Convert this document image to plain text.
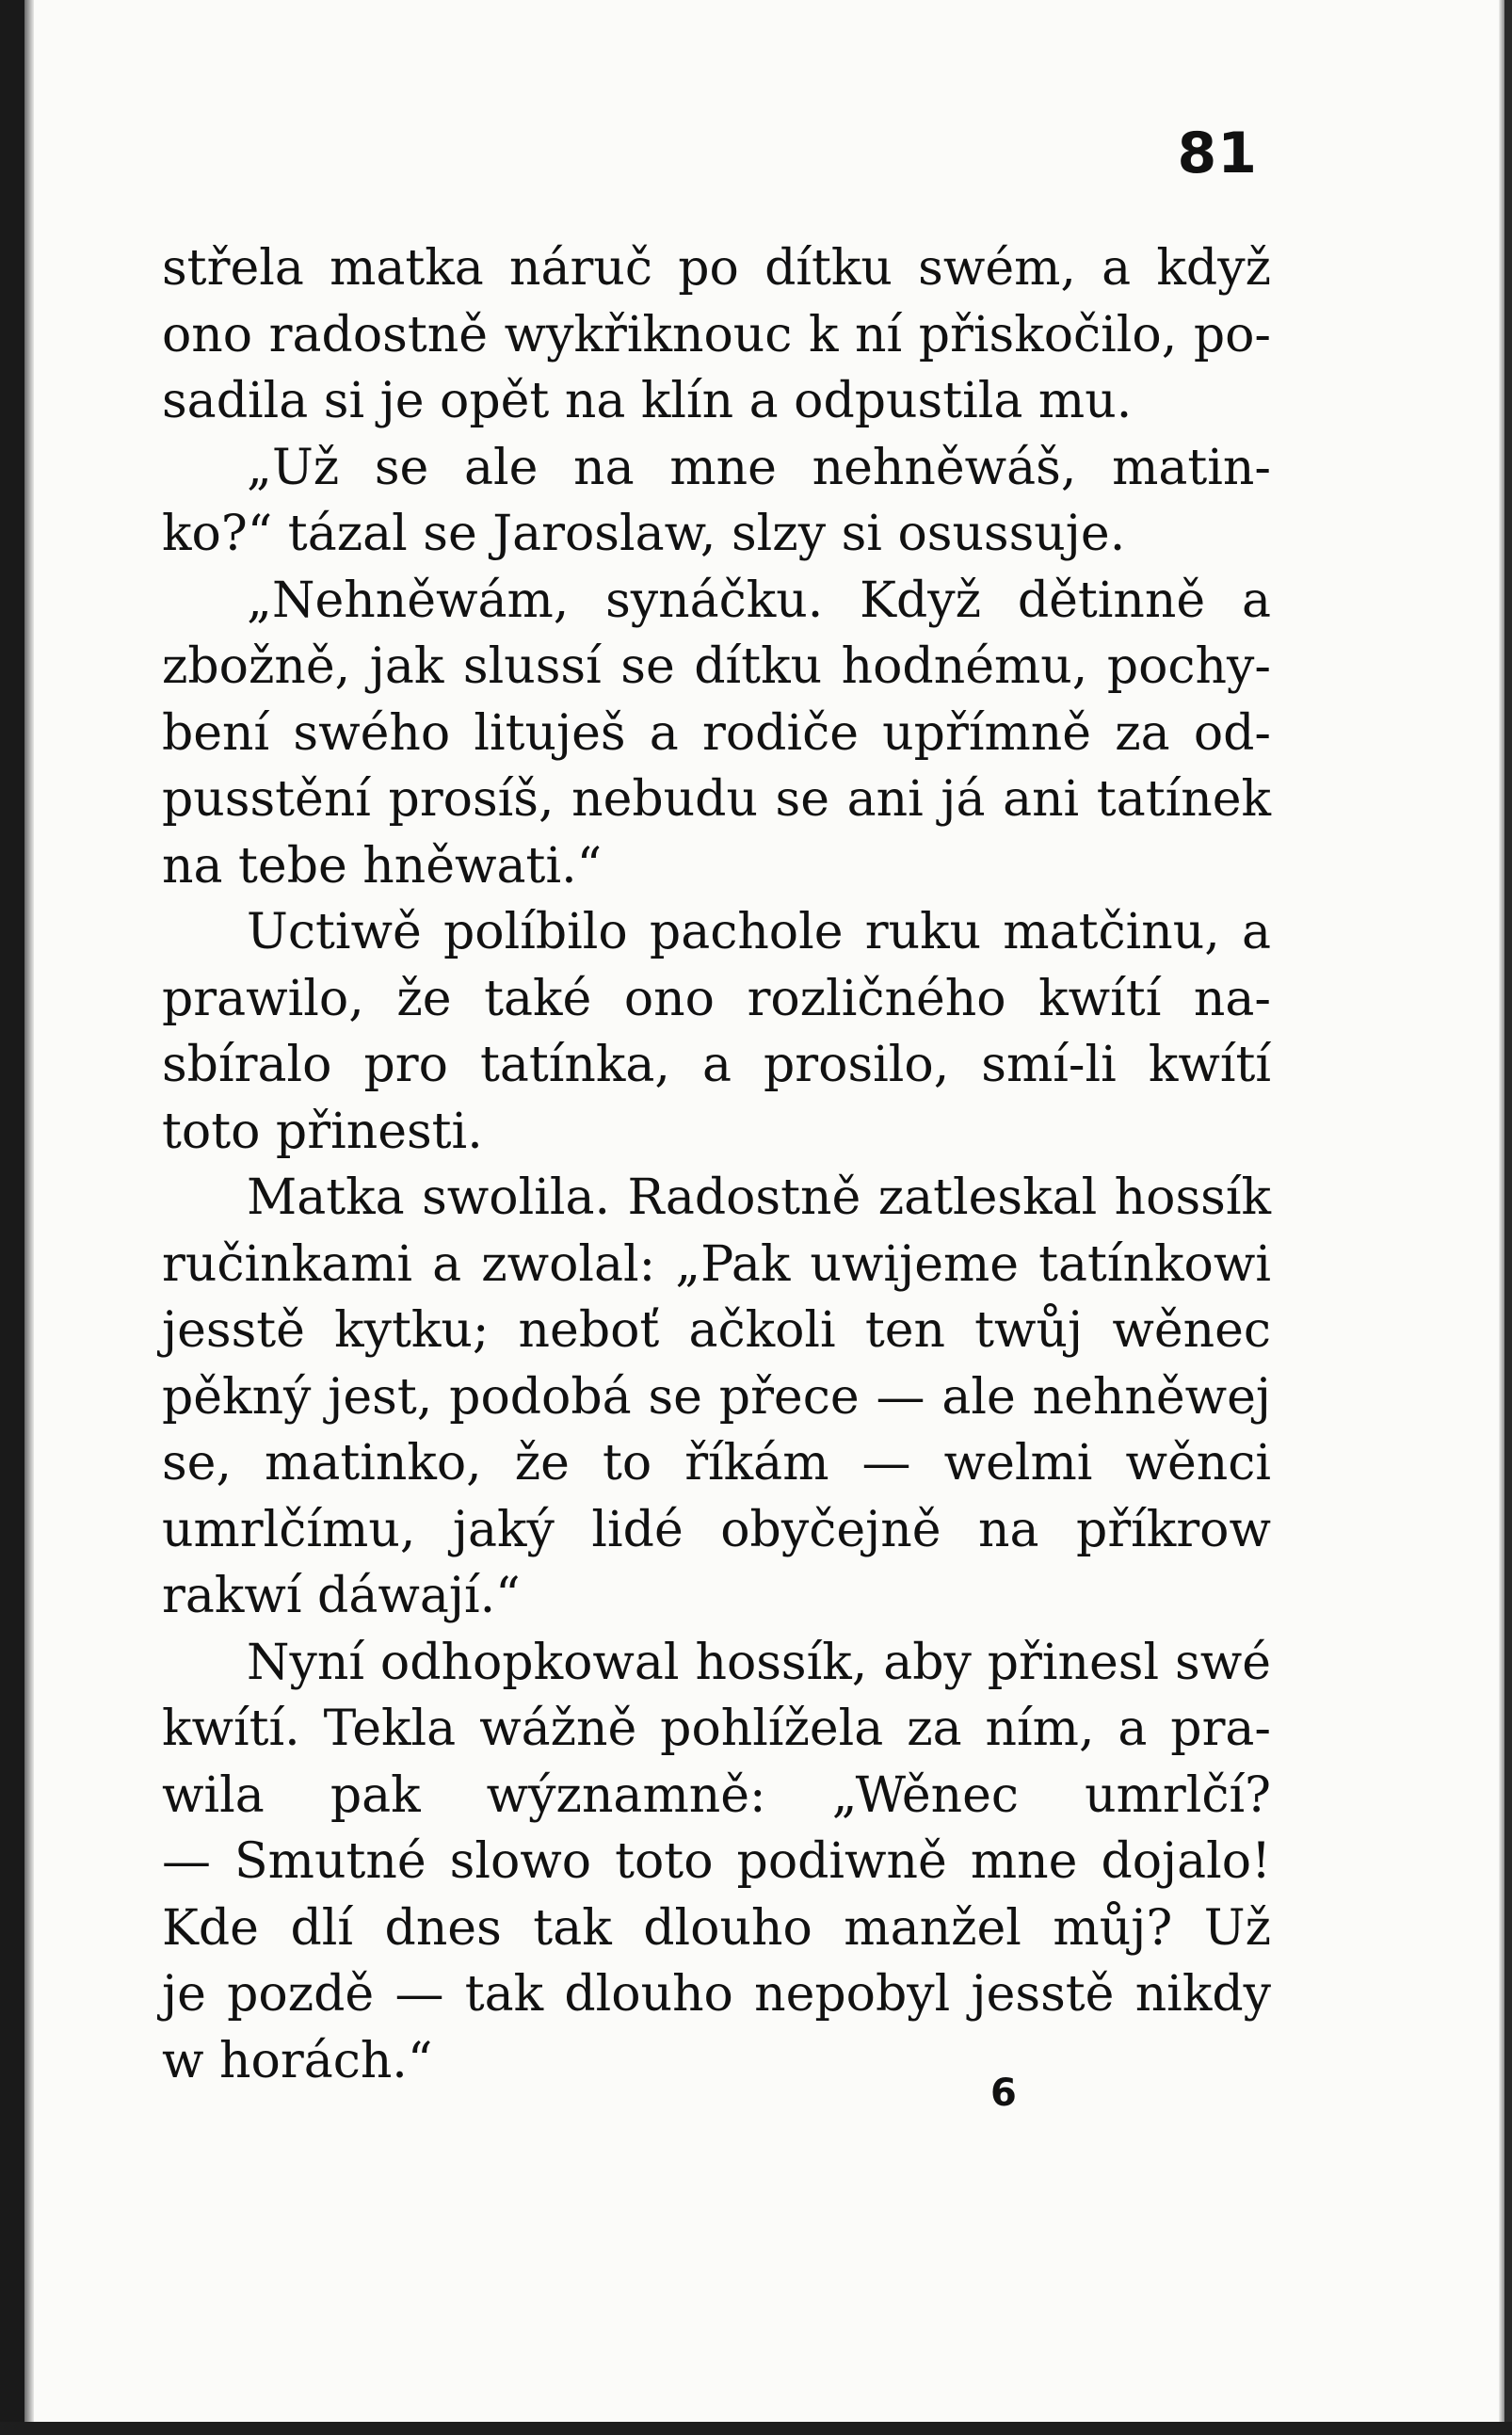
81
střela matka náruč po dítku swém, a když
ono radostně wykřiknouc k ní přiskočilo, po-
sadila si je opět na klín a odpustila mu.
„Už se ale na mne nehněwáš, matin-
ko?“ tázal se Jaroslaw, slzy si osussuje.
„Nehněwám, synáčku. Když dětinně a
zbožně, jak slussí se dítku hodnému, pochy-
bení swého lituješ a rodiče upřímně za od-
pusstění prosíš, nebudu se ani já ani tatínek
na tebe hněwati.“
Uctiwě políbilo pachole ruku matčinu, a
prawilo, že také ono rozličného kwítí na-
sbíralo pro tatínka, a prosilo, smí-li kwítí
toto přinesti.
Matka swolila. Radostně zatleskal hossík
ručinkami a zwolal: „Pak uwijeme tatínkowi
jesstě kytku; neboť ačkoli ten twůj wěnec
pěkný jest, podobá se přece — ale nehněwej
se, matinko, že to říkám — welmi wěnci
umrlčímu, jaký lidé obyčejně na příkrow
rakwí dáwají.“
Nyní odhopkowal hossík, aby přinesl swé
kwítí. Tekla wážně pohlížela za ním, a pra-
wila pak wýznamně: „Wěnec umrlčí?
— Smutné slowo toto podiwně mne dojalo!
Kde dlí dnes tak dlouho manžel můj? Už
je pozdě — tak dlouho nepobyl jesstě nikdy
w horách.“
6
